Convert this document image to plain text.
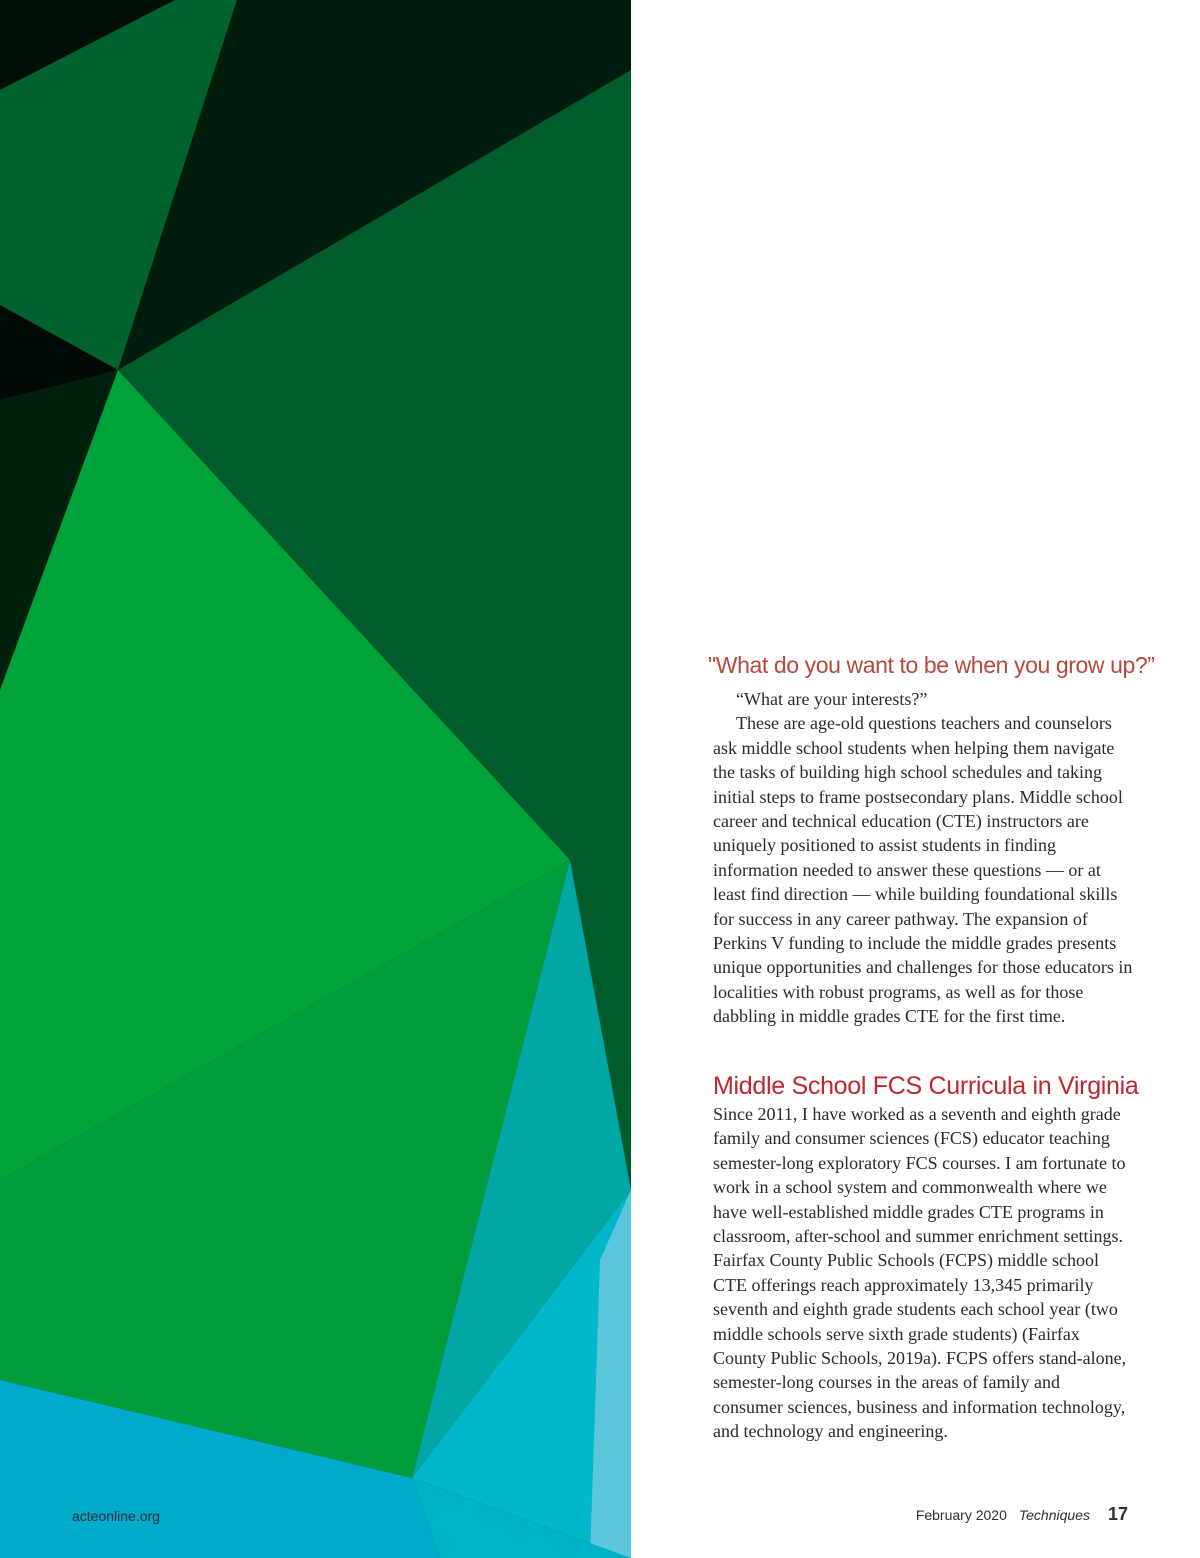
"What do you want to be when you grow up?”

“What are your interests?”

These are age-old questions teachers and counselors ask middle school students when helping them navigate the tasks of building high school schedules and taking initial steps to frame postsecondary plans. Middle school career and technical education (CTE) instructors are uniquely positioned to assist students in finding information needed to answer these questions — or at least find direction — while building foundational skills for success in any career pathway. The expansion of Perkins V funding to include the middle grades presents unique opportunities and challenges for those educators in localities with robust programs, as well as for those dabbling in middle grades CTE for the first time.

Middle School FCS Curricula in Virginia

Since 2011, I have worked as a seventh and eighth grade family and consumer sciences (FCS) educator teaching semester-long exploratory FCS courses. I am fortunate to work in a school system and commonwealth where we have well-established middle grades CTE programs in classroom, after-school and summer enrichment settings. Fairfax County Public Schools (FCPS) middle school CTE offerings reach approximately 13,345 primarily seventh and eighth grade students each school year (two middle schools serve sixth grade students) (Fairfax County Public Schools, 2019a). FCPS offers stand-alone, semester-long courses in the areas of family and consumer sciences, business and information technology, and technology and engineering.

acteonline.org	February 2020 Techniques 17
